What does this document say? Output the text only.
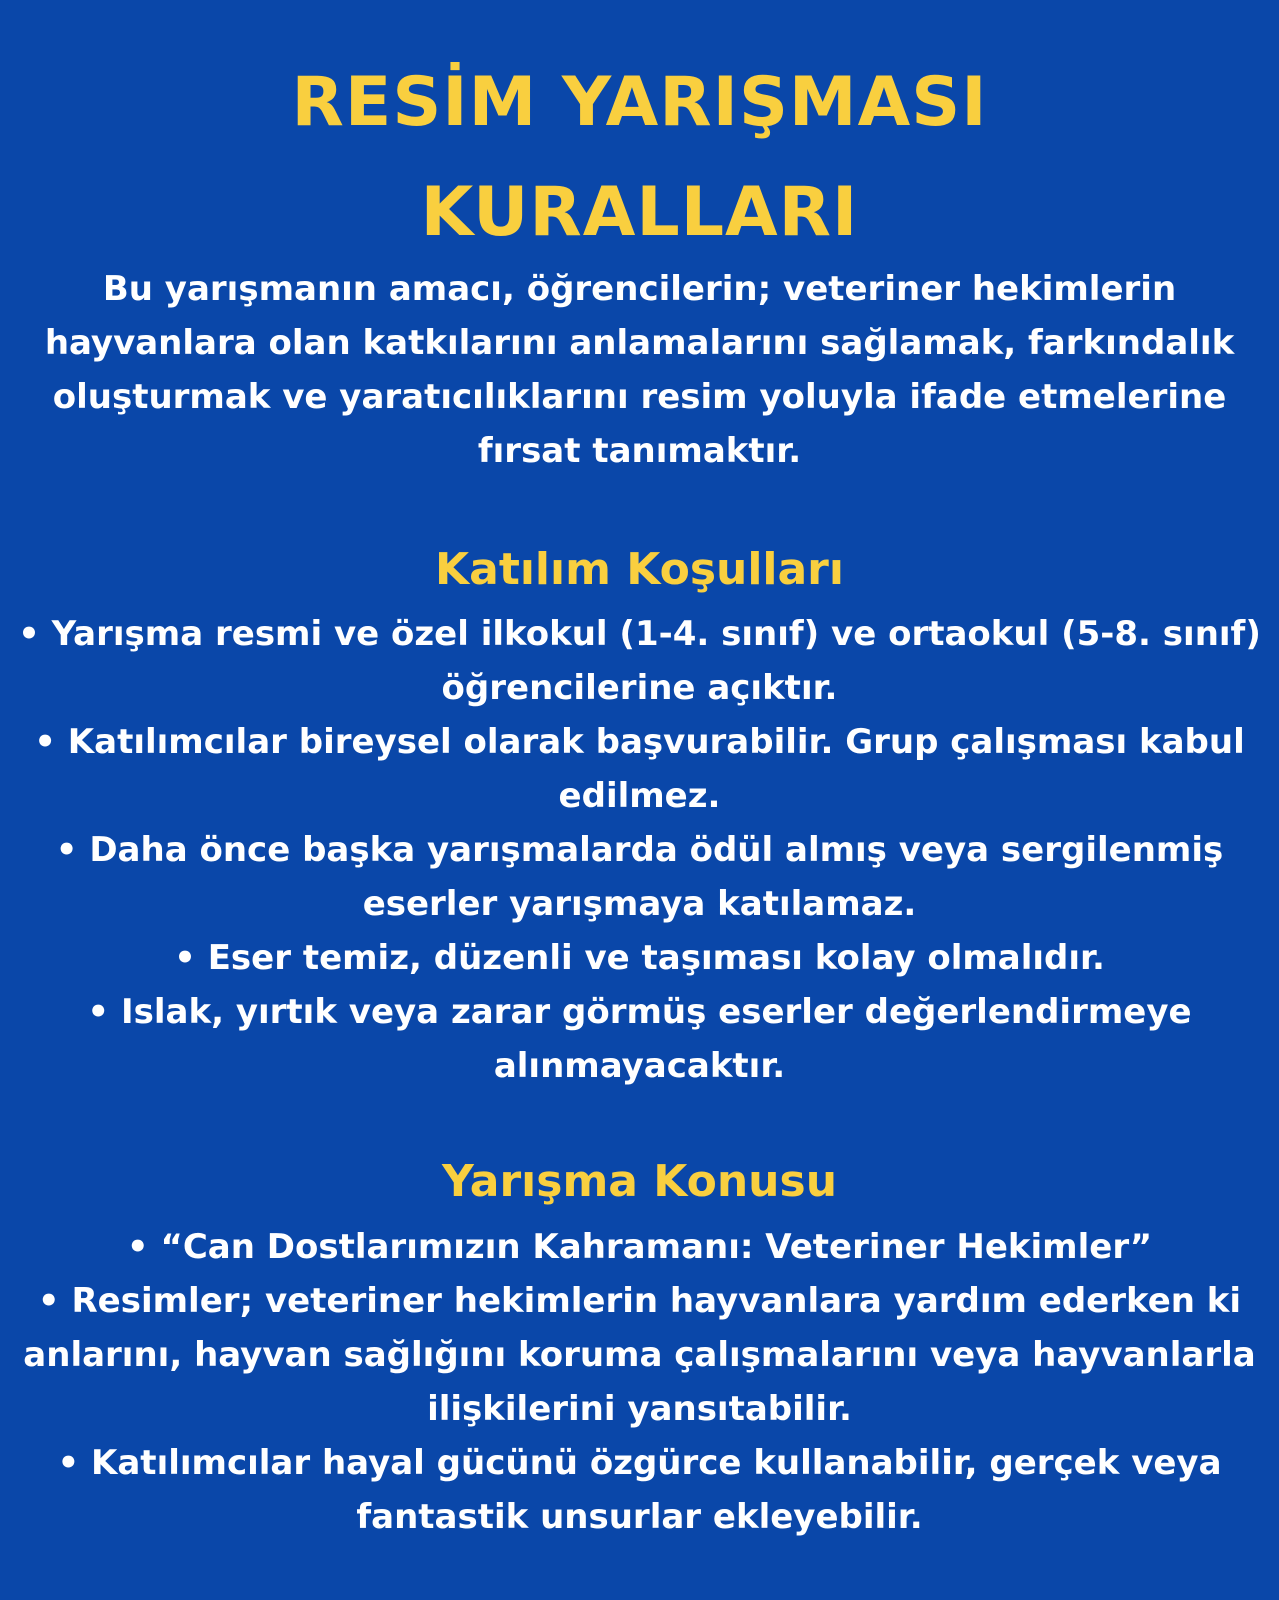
RESİM YARIŞMASI
KURALLARI

Bu yarışmanın amacı, öğrencilerin; veteriner hekimlerin hayvanlara olan katkılarını anlamalarını sağlamak, farkındalık oluşturmak ve yaratıcılıklarını resim yoluyla ifade etmelerine fırsat tanımaktır.

Katılım Koşulları
• Yarışma resmi ve özel ilkokul (1-4. sınıf) ve ortaokul (5-8. sınıf) öğrencilerine açıktır.
• Katılımcılar bireysel olarak başvurabilir. Grup çalışması kabul edilmez.
• Daha önce başka yarışmalarda ödül almış veya sergilenmiş eserler yarışmaya katılamaz.
• Eser temiz, düzenli ve taşıması kolay olmalıdır.
• Islak, yırtık veya zarar görmüş eserler değerlendirmeye alınmayacaktır.
Yarışma Konusu
• “Can Dostlarımızın Kahramanı: Veteriner Hekimler”
• Resimler; veteriner hekimlerin hayvanlara yardım ederken ki anlarını, hayvan sağlığını koruma çalışmalarını veya hayvanlarla ilişkilerini yansıtabilir.
• Katılımcılar hayal gücünü özgürce kullanabilir, gerçek veya fantastik unsurlar ekleyebilir.
